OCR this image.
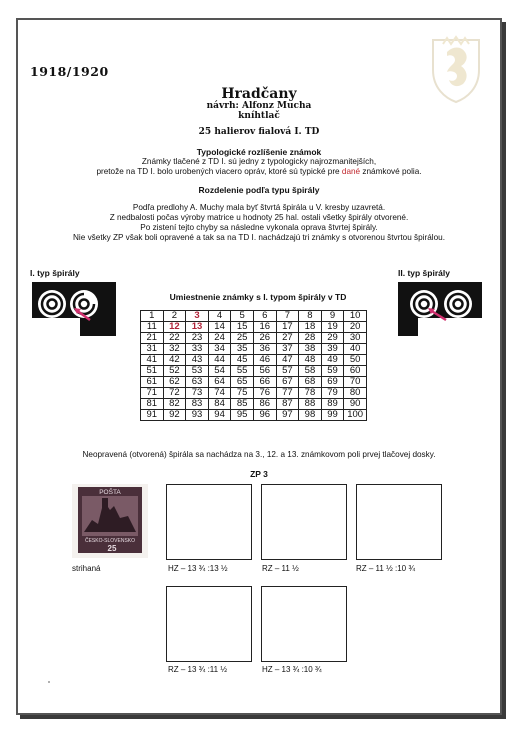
1918/1920
Hradčany
návrh: Alfonz Mucha
kníhtlač
25 halierov fialová I. TD
Typologické rozlíšenie známok
Známky tlačené z TD I. sú jedny z typologicky najrozmanitejších,
pretože na TD I. bolo urobených viacero opráv, ktoré sú typické pre dané známkové polia.
Rozdelenie podľa typu špirály
Podľa predlohy A. Muchy mala byť štvrtá špirála u V. kresby uzavretá.
Z nedbalosti počas výroby matrice u hodnoty 25 hal. ostali všetky špirály otvorené.
Po zistení tejto chyby sa následne vykonala oprava štvrtej špirály.
Nie všetky ZP však boli opravené a tak sa na TD I. nachádzajú tri známky s otvorenou štvrtou špirálou.
I. typ špirály	II. typ špirály
Umiestnenie známky s I. typom špirály v TD
1	2	3	4	5	6	7	8	9	10
11	12	13	14	15	16	17	18	19	20
21	22	23	24	25	26	27	28	29	30
31	32	33	34	35	36	37	38	39	40
41	42	43	44	45	46	47	48	49	50
51	52	53	54	55	56	57	58	59	60
61	62	63	64	65	66	67	68	69	70
71	72	73	74	75	76	77	78	79	80
81	82	83	84	85	86	87	88	89	90
91	92	93	94	95	96	97	98	99	100
Neopravená (otvorená) špirála sa nachádza na 3., 12. a 13. známkovom poli prvej tlačovej dosky.
ZP 3
POŠTA
ČESKO-SLOVENSKO
25
strihaná	HZ – 13 ¾ :13 ½	RZ – 11 ½	RZ – 11 ½ :10 ¾
RZ – 13 ¾ :11 ½	HZ – 13 ¾ :10 ¾
